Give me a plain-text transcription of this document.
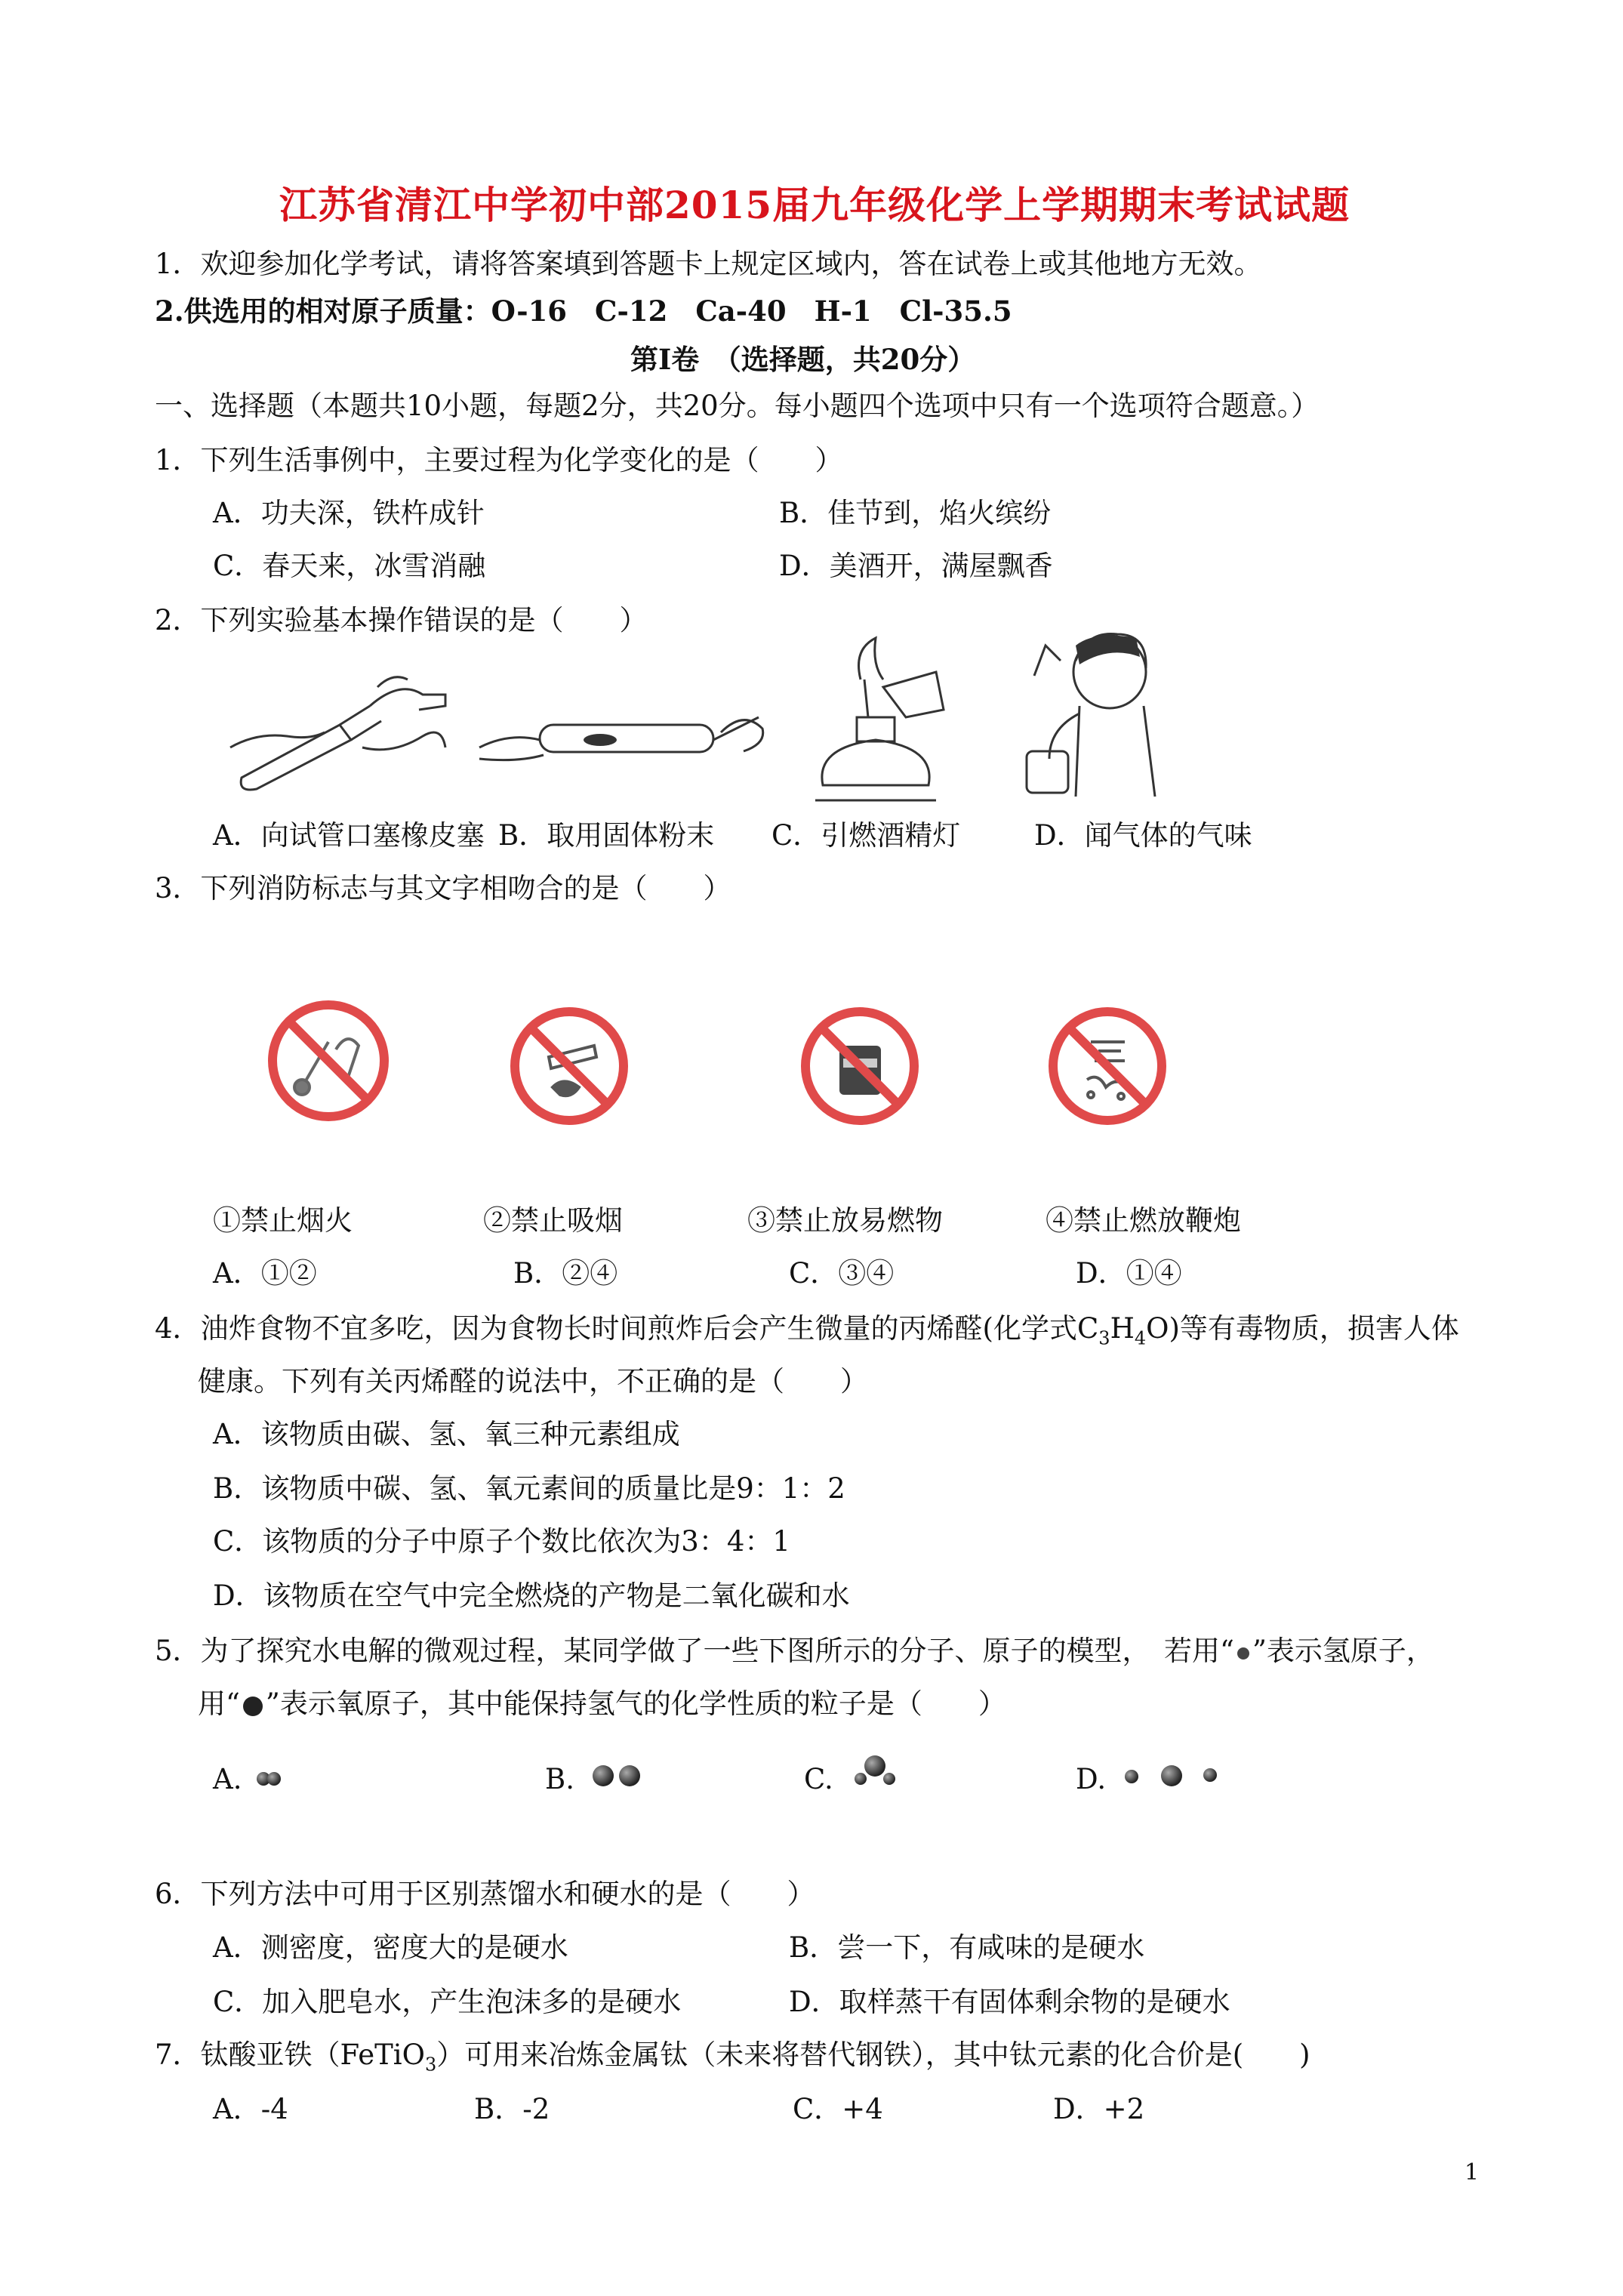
江苏省清江中学初中部2015届九年级化学上学期期末考试试题
1．欢迎参加化学考试，请将答案填到答题卡上规定区域内，答在试卷上或其他地方无效。
2.供选用的相对原子质量：O-16　C-12　Ca-40　H-1　Cl-35.5
第Ⅰ卷　（选择题，共20分）
一、选择题（本题共10小题，每题2分，共20分。每小题四个选项中只有一个选项符合题意。）
1．下列生活事例中，主要过程为化学变化的是（　　）
A．功夫深，铁杵成针	B．佳节到，焰火缤纷
C．春天来，冰雪消融	D．美酒开，满屋飘香
2．下列实验基本操作错误的是（　　）
A．向试管口塞橡皮塞 B．取用固体粉末 C．引燃酒精灯	D．闻气体的气味
3．下列消防标志与其文字相吻合的是（　　）
①禁止烟火	②禁止吸烟	③禁止放易燃物	④禁止燃放鞭炮
A．①②	B．②④	C．③④	D．①④
4．油炸食物不宜多吃，因为食物长时间煎炸后会产生微量的丙烯醛(化学式$C_3H_4O$)等有毒物质，损害人体
健康。下列有关丙烯醛的说法中，不正确的是（　　）
A．该物质由碳、氢、氧三种元素组成
B．该物质中碳、氢、氧元素间的质量比是9：1：2
C．该物质的分子中原子个数比依次为3：4：1
D．该物质在空气中完全燃烧的产物是二氧化碳和水
5．为了探究水电解的微观过程，某同学做了一些下图所示的分子、原子的模型，　若用“ ”表示氢原子，
用“ ”表示氧原子，其中能保持氢气的化学性质的粒子是（　　）
A.	B.	C.	D.
6．下列方法中可用于区别蒸馏水和硬水的是（　　）
A．测密度，密度大的是硬水	B．尝一下，有咸味的是硬水
C．加入肥皂水，产生泡沫多的是硬水	D．取样蒸干有固体剩余物的是硬水
7．钛酸亚铁（FeTiO$_3$）可用来冶炼金属钛（未来将替代钢铁），其中钛元素的化合价是(　　)
A．-4	B．-2	C．+4	D．+2
1
